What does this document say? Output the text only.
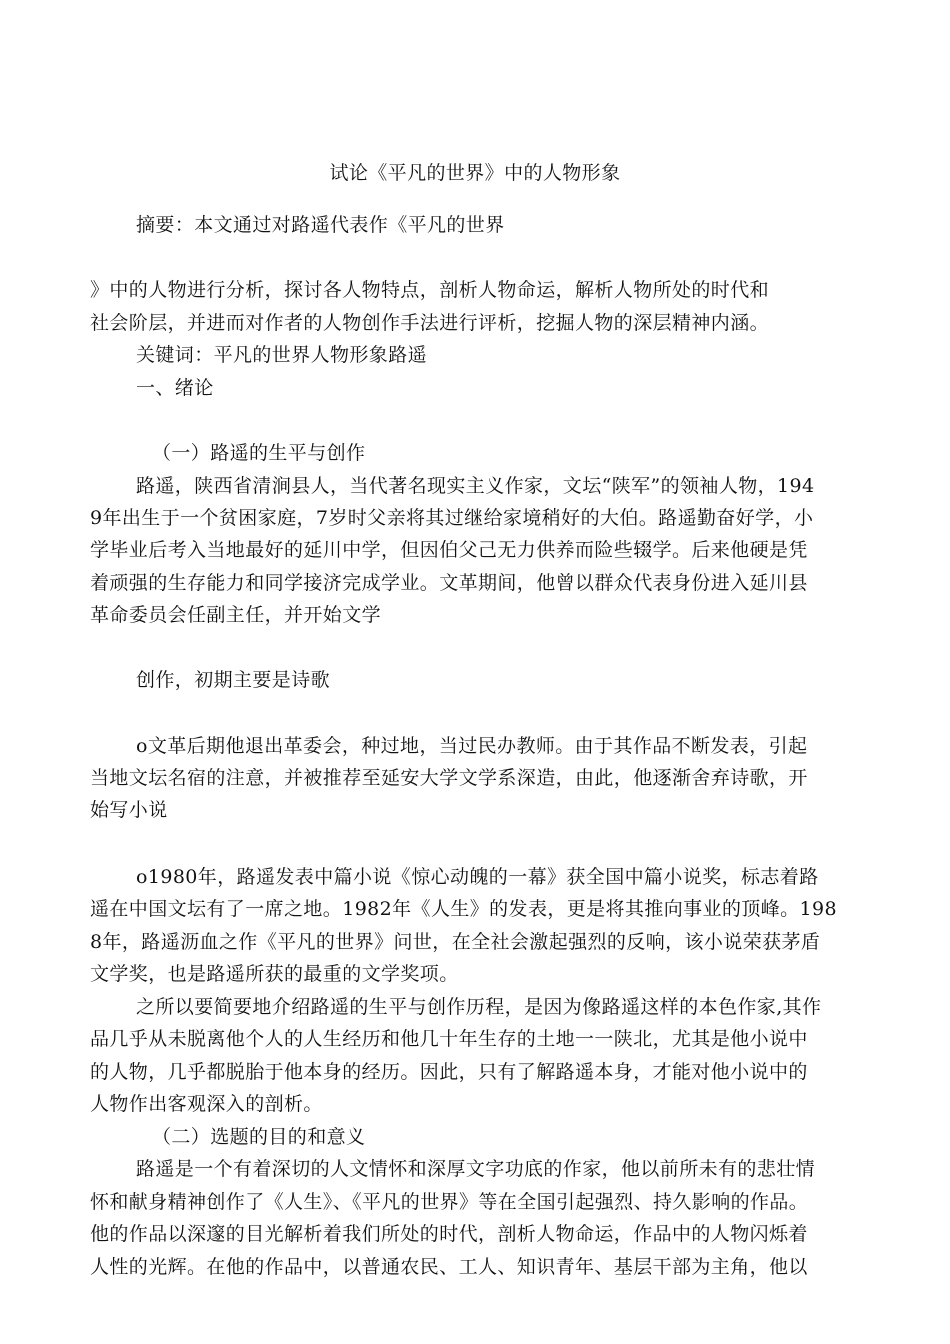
试论《平凡的世界》中的人物形象
摘要：本文通过对路遥代表作《平凡的世界
》中的人物进行分析，探讨各人物特点，剖析人物命运，解析人物所处的时代和
社会阶层，并进而对作者的人物创作手法进行评析，挖掘人物的深层精神内涵。
关键词：平凡的世界人物形象路遥
一、绪论
（一）路遥的生平与创作
路遥，陕西省清涧县人，当代著名现实主义作家，文坛“陕军”的领袖人物，194
9年出生于一个贫困家庭，7岁时父亲将其过继给家境稍好的大伯。路遥勤奋好学，小
学毕业后考入当地最好的延川中学，但因伯父己无力供养而险些辍学。后来他硬是凭
着顽强的生存能力和同学接济完成学业。文革期间，他曾以群众代表身份进入延川县
革命委员会任副主任，并开始文学
创作，初期主要是诗歌
o文革后期他退出革委会，种过地，当过民办教师。由于其作品不断发表，引起
当地文坛名宿的注意，并被推荐至延安大学文学系深造，由此，他逐渐舍弃诗歌，开
始写小说
o1980年，路遥发表中篇小说《惊心动魄的一幕》获全国中篇小说奖，标志着路
遥在中国文坛有了一席之地。1982年《人生》的发表，更是将其推向事业的顶峰。198
8年，路遥沥血之作《平凡的世界》问世，在全社会激起强烈的反响，该小说荣获茅盾
文学奖，也是路遥所获的最重的文学奖项。
之所以要简要地介绍路遥的生平与创作历程，是因为像路遥这样的本色作家,其作
品几乎从未脱离他个人的人生经历和他几十年生存的土地一一陕北，尤其是他小说中
的人物，几乎都脱胎于他本身的经历。因此，只有了解路遥本身，才能对他小说中的
人物作出客观深入的剖析。
（二）选题的目的和意义
路遥是一个有着深切的人文情怀和深厚文字功底的作家，他以前所未有的悲壮情
怀和献身精神创作了《人生》、《平凡的世界》等在全国引起强烈、持久影响的作品。
他的作品以深邃的目光解析着我们所处的时代，剖析人物命运，作品中的人物闪烁着
人性的光辉。在他的作品中，以普通农民、工人、知识青年、基层干部为主角，他以
